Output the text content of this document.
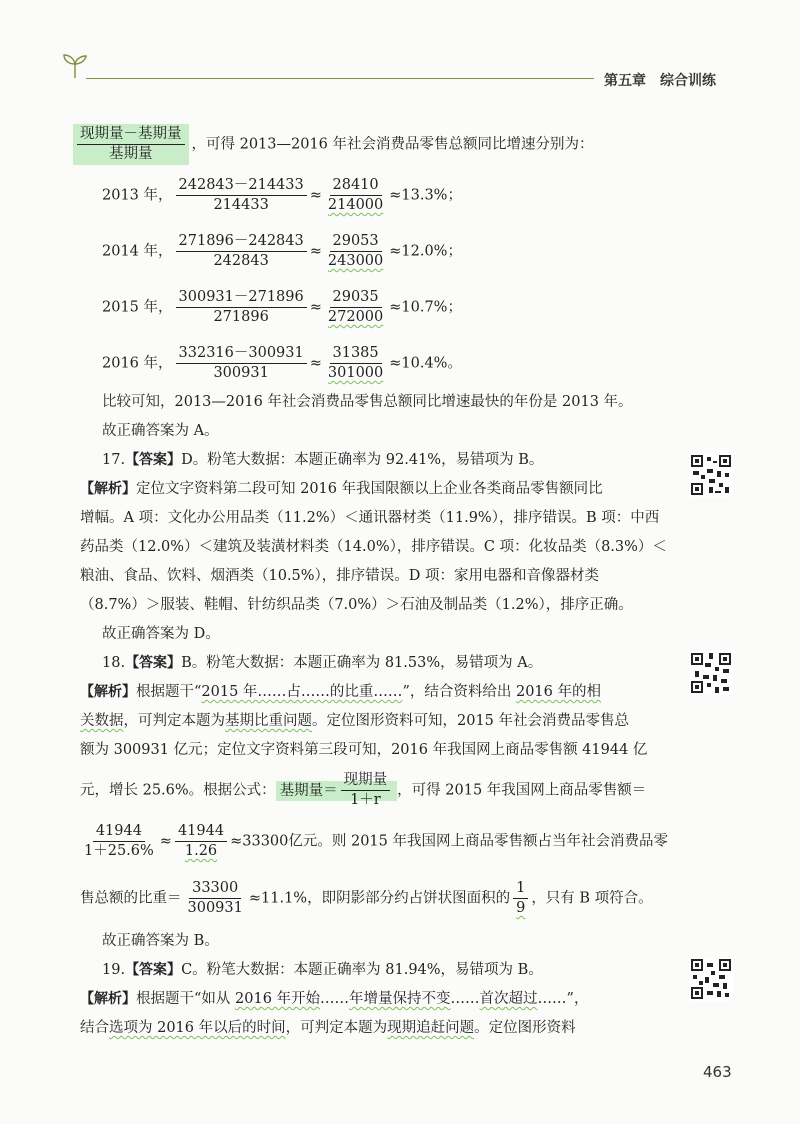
第五章 综合训练
$\frac{\text{现期量－基期量}}{\text{基期量}}$ ，可得 2013—2016 年社会消费品零售总额同比增速分别为：
2013 年， $\frac{242843-214433}{214433} \approx \frac{28410}{214000} \approx 13.3\%$；
2014 年， $\frac{271896-242843}{242843} \approx \frac{29053}{243000} \approx 12.0\%$；
2015 年， $\frac{300931-271896}{271896} \approx \frac{29035}{272000} \approx 10.7\%$；
2016 年， $\frac{332316-300931}{300931} \approx \frac{31385}{301000} \approx 10.4\%$。
比较可知，2013—2016 年社会消费品零售总额同比增速最快的年份是 2013 年。
故正确答案为 A。
17.【答案】D。粉笔大数据：本题正确率为 92.41%，易错项为 B。
【解析】定位文字资料第二段可知 2016 年我国限额以上企业各类商品零售额同比
增幅。A 项：文化办公用品类（11.2%）＜通讯器材类（11.9%），排序错误。B 项：中西
药品类（12.0%）＜建筑及装潢材料类（14.0%），排序错误。C 项：化妆品类（8.3%）＜
粮油、食品、饮料、烟酒类（10.5%），排序错误。D 项：家用电器和音像器材类
（8.7%）＞服装、鞋帽、针纺织品类（7.0%）＞石油及制品类（1.2%），排序正确。
故正确答案为 D。
18.【答案】B。粉笔大数据：本题正确率为 81.53%，易错项为 A。
【解析】根据题干“2015 年……占……的比重……”，结合资料给出 2016 年的相
关数据，可判定本题为基期比重问题。定位图形资料可知，2015 年社会消费品零售总
额为 300931 亿元；定位文字资料第三段可知，2016 年我国网上商品零售额 41944 亿
元，增长 25.6%。根据公式： 基期量＝ $\frac{\text{现期量}}{1+r}$ ，可得 2015 年我国网上商品零售额＝
$\frac{41944}{1+25.6\%} \approx \frac{41944}{1.26} \approx 33300$亿元。则 2015 年我国网上商品零售额占当年社会消费品零
售总额的比重＝ $\frac{33300}{300931} \approx 11.1\%$，即阴影部分约占饼状图面积的 $\frac{1}{9}$ ，只有 B 项符合。
故正确答案为 B。
19.【答案】C。粉笔大数据：本题正确率为 81.94%，易错项为 B。
【解析】根据题干“如从 2016 年开始……年增量保持不变……首次超过……”，
结合选项为 2016 年以后的时间，可判定本题为现期追赶问题。定位图形资料
463
